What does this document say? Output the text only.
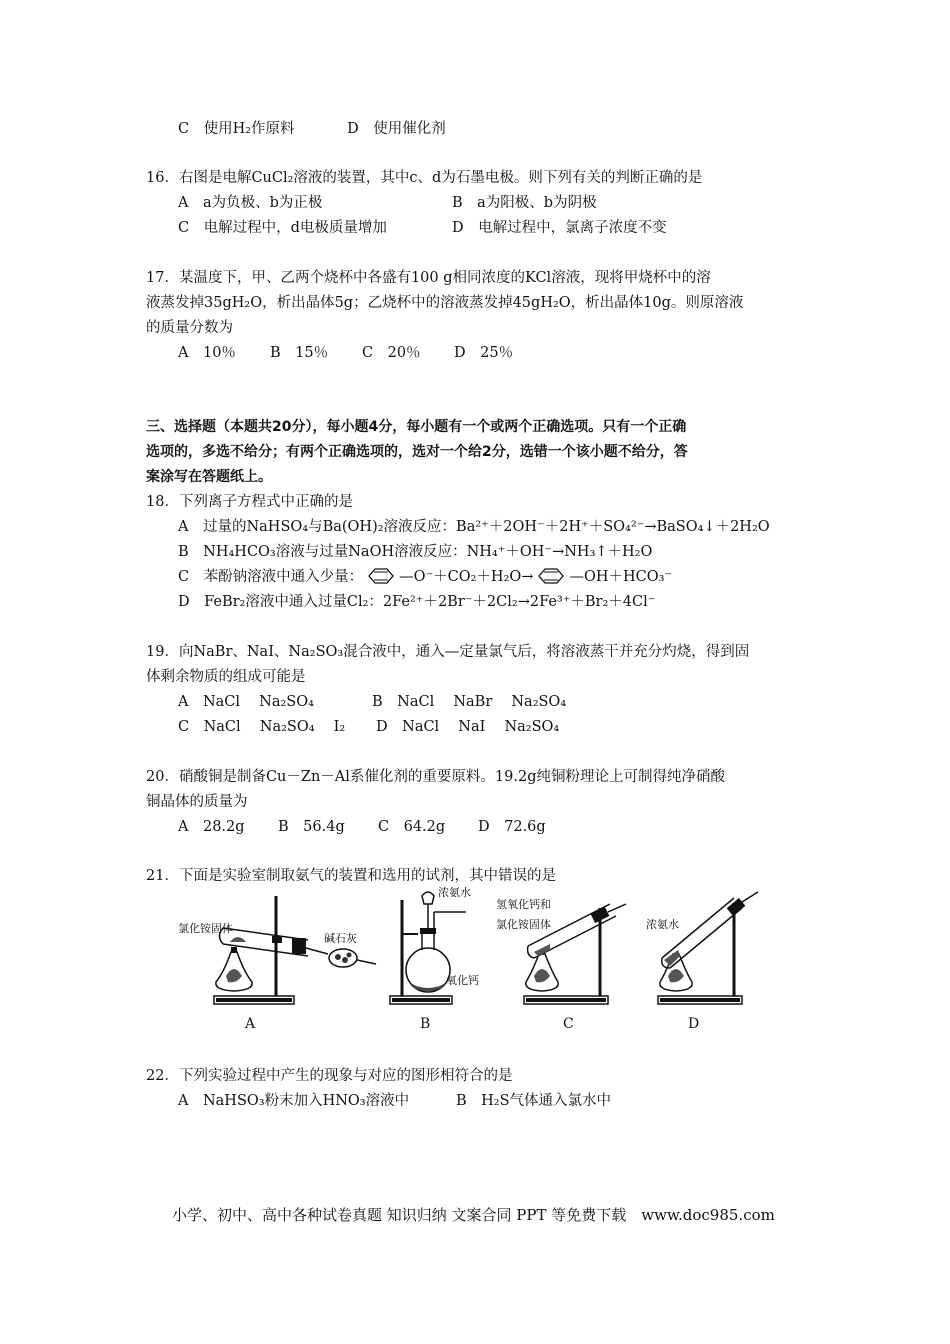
C　使用H₂作原料	D　使用催化剂
16．右图是电解CuCl₂溶液的装置，其中c、d为石墨电极。则下列有关的判断正确的是
A　a为负极、b为正极	B　a为阳极、b为阴极
C　电解过程中，d电极质量增加	D　电解过程中，氯离子浓度不变
17．某温度下，甲、乙两个烧杯中各盛有100 g相同浓度的KCl溶液，现将甲烧杯中的溶
液蒸发掉35gH₂O，析出晶体5g；乙烧杯中的溶液蒸发掉45gH₂O，析出晶体10g。则原溶液
的质量分数为
A　10％ B　15％ C　20％ D　25％
三、选择题（本题共20分），每小题4分，每小题有一个或两个正确选项。只有一个正确
选项的，多选不给分；有两个正确选项的，选对一个给2分，选错一个该小题不给分，答
案涂写在答题纸上。
18．下列离子方程式中正确的是
A　过量的NaHSO₄与Ba(OH)₂溶液反应：Ba²⁺＋2OH⁻＋2H⁺＋SO₄²⁻→BaSO₄↓＋2H₂O
B　NH₄HCO₃溶液与过量NaOH溶液反应：NH₄⁺＋OH⁻→NH₃↑＋H₂O
C　苯酚钠溶液中通入少量： —O⁻＋CO₂＋H₂O→ —OH＋HCO₃⁻
D　FeBr₂溶液中通入过量Cl₂：2Fe²⁺＋2Br⁻＋2Cl₂→2Fe³⁺＋Br₂＋4Cl⁻
19．向NaBr、NaI、Na₂SO₃混合液中，通入—定量氯气后，将溶液蒸干并充分灼烧，得到固
体剩余物质的组成可能是
A　NaCl　 Na₂SO₄	B　NaCl　 NaBr　 Na₂SO₄
C　NaCl　 Na₂SO₄　 I₂ D　NaCl　 NaI　 Na₂SO₄
20．硝酸铜是制备Cu－Zn－Al系催化剂的重要原料。19.2g纯铜粉理论上可制得纯净硝酸
铜晶体的质量为
A　28.2g B　56.4g C　64.2g D　72.6g
21．下面是实验室制取氨气的装置和选用的试剂，其中错误的是
氯化铵固体
碱石灰
A
浓氨水
氧化钙
B
氢氧化钙和
氯化铵固体
C
浓氨水
D
22．下列实验过程中产生的现象与对应的图形相符合的是
A　NaHSO₃粉末加入HNO₃溶液中	B　H₂S气体通入氯水中
小学、初中、高中各种试卷真题 知识归纳 文案合同 PPT 等免费下载　www.doc985.com
